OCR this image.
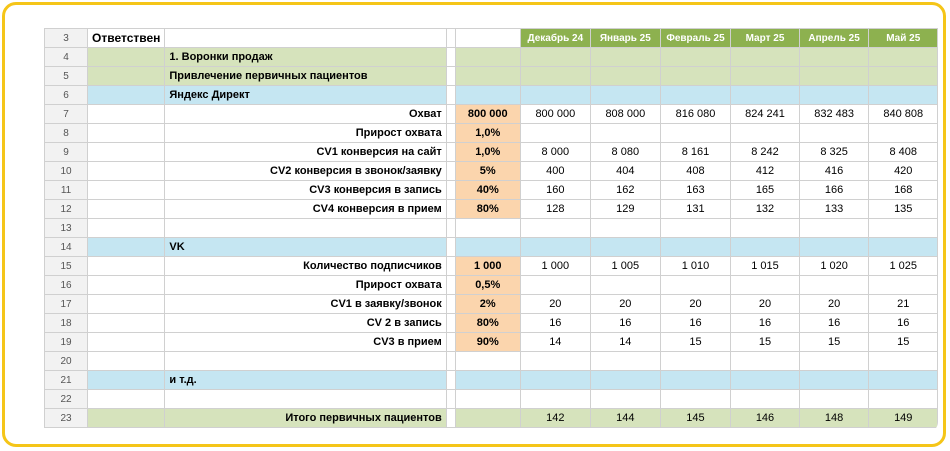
3	Ответствен				Декабрь 24	Январь 25	Февраль 25	Март 25	Апрель 25	Май 25
4		1. Воронки продаж								
5		Привлечение первичных пациентов								
6		Яндекс Директ								
7		Охват		800 000	800 000	808 000	816 080	824 241	832 483	840 808
8		Прирост охвата		1,0%						
9		CV1 конверсия на сайт		1,0%	8 000	8 080	8 161	8 242	8 325	8 408
10		CV2 конверсия в звонок/заявку		5%	400	404	408	412	416	420
11		CV3 конверсия в запись		40%	160	162	163	165	166	168
12		CV4 конверсия в прием		80%	128	129	131	132	133	135
13										
14		VK								
15		Количество подписчиков		1 000	1 000	1 005	1 010	1 015	1 020	1 025
16		Прирост охвата		0,5%						
17		CV1 в заявку/звонок		2%	20	20	20	20	20	21
18		CV 2 в запись		80%	16	16	16	16	16	16
19		CV3 в прием		90%	14	14	15	15	15	15
20										
21		и т.д.								
22										
23		Итого первичных пациентов			142	144	145	146	148	149
